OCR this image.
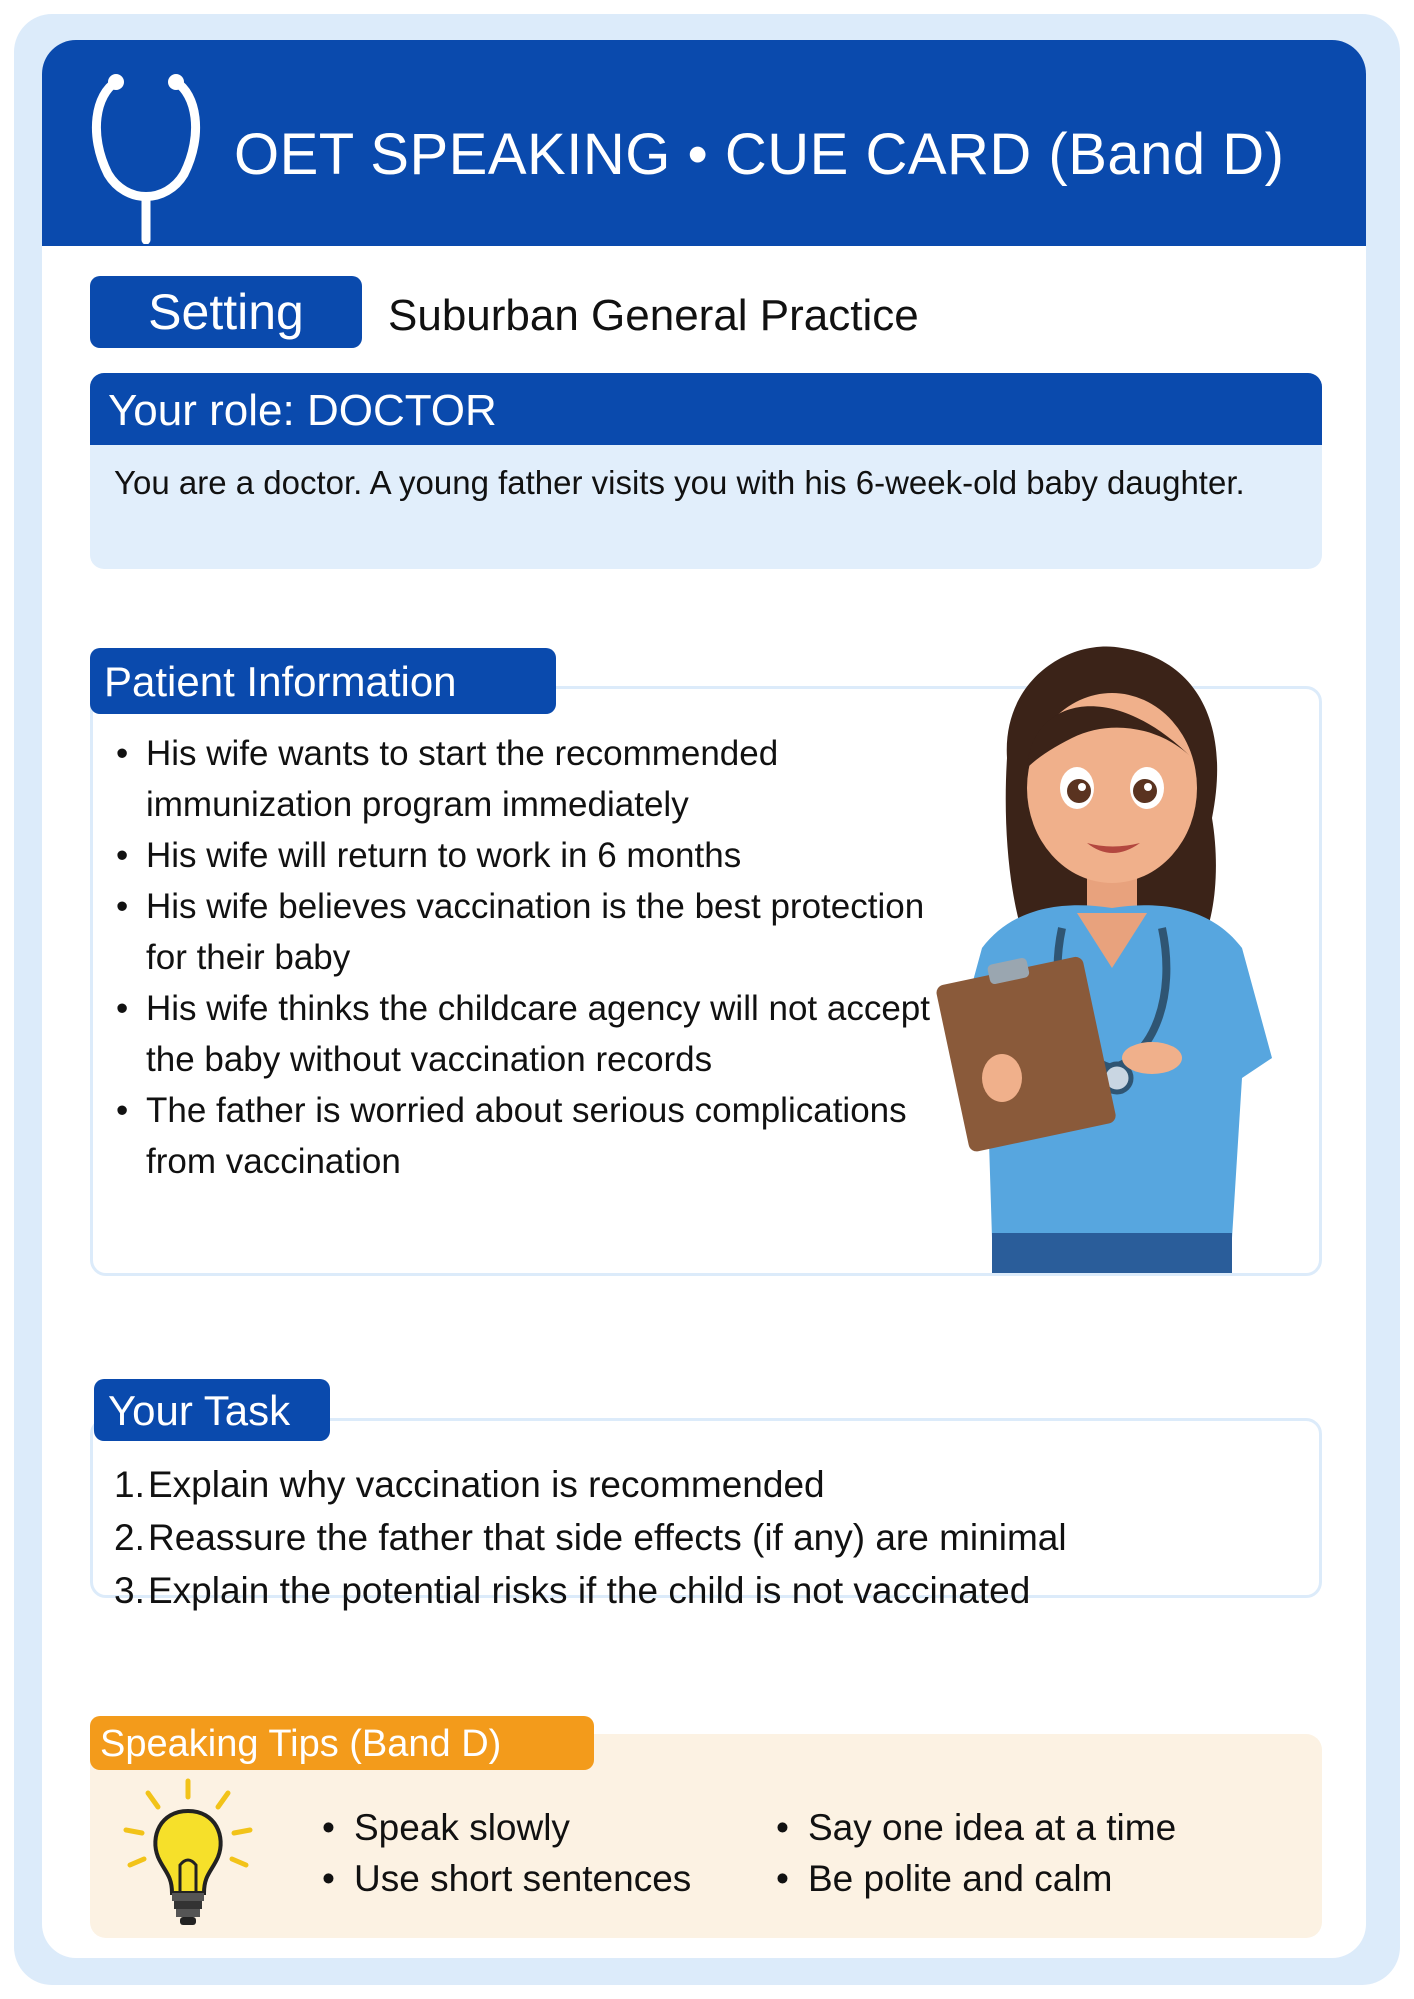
OET SPEAKING • CUE CARD (Band D)
Setting	Suburban General Practice
Your role: DOCTOR
You are a doctor. A young father visits you with his 6-week-old baby daughter.
Patient Information
• His wife wants to start the recommended immunization program immediately
• His wife will return to work in 6 months
• His wife believes vaccination is the best protection for their baby
• His wife thinks the childcare agency will not accept the baby without vaccination records
• The father is worried about serious complications from vaccination
Your Task
1. Explain why vaccination is recommended
2. Reassure the father that side effects (if any) are minimal
3. Explain the potential risks if the child is not vaccinated
Speaking Tips (Band D)
• Speak slowly
• Use short sentences
• Say one idea at a time
• Be polite and calm
